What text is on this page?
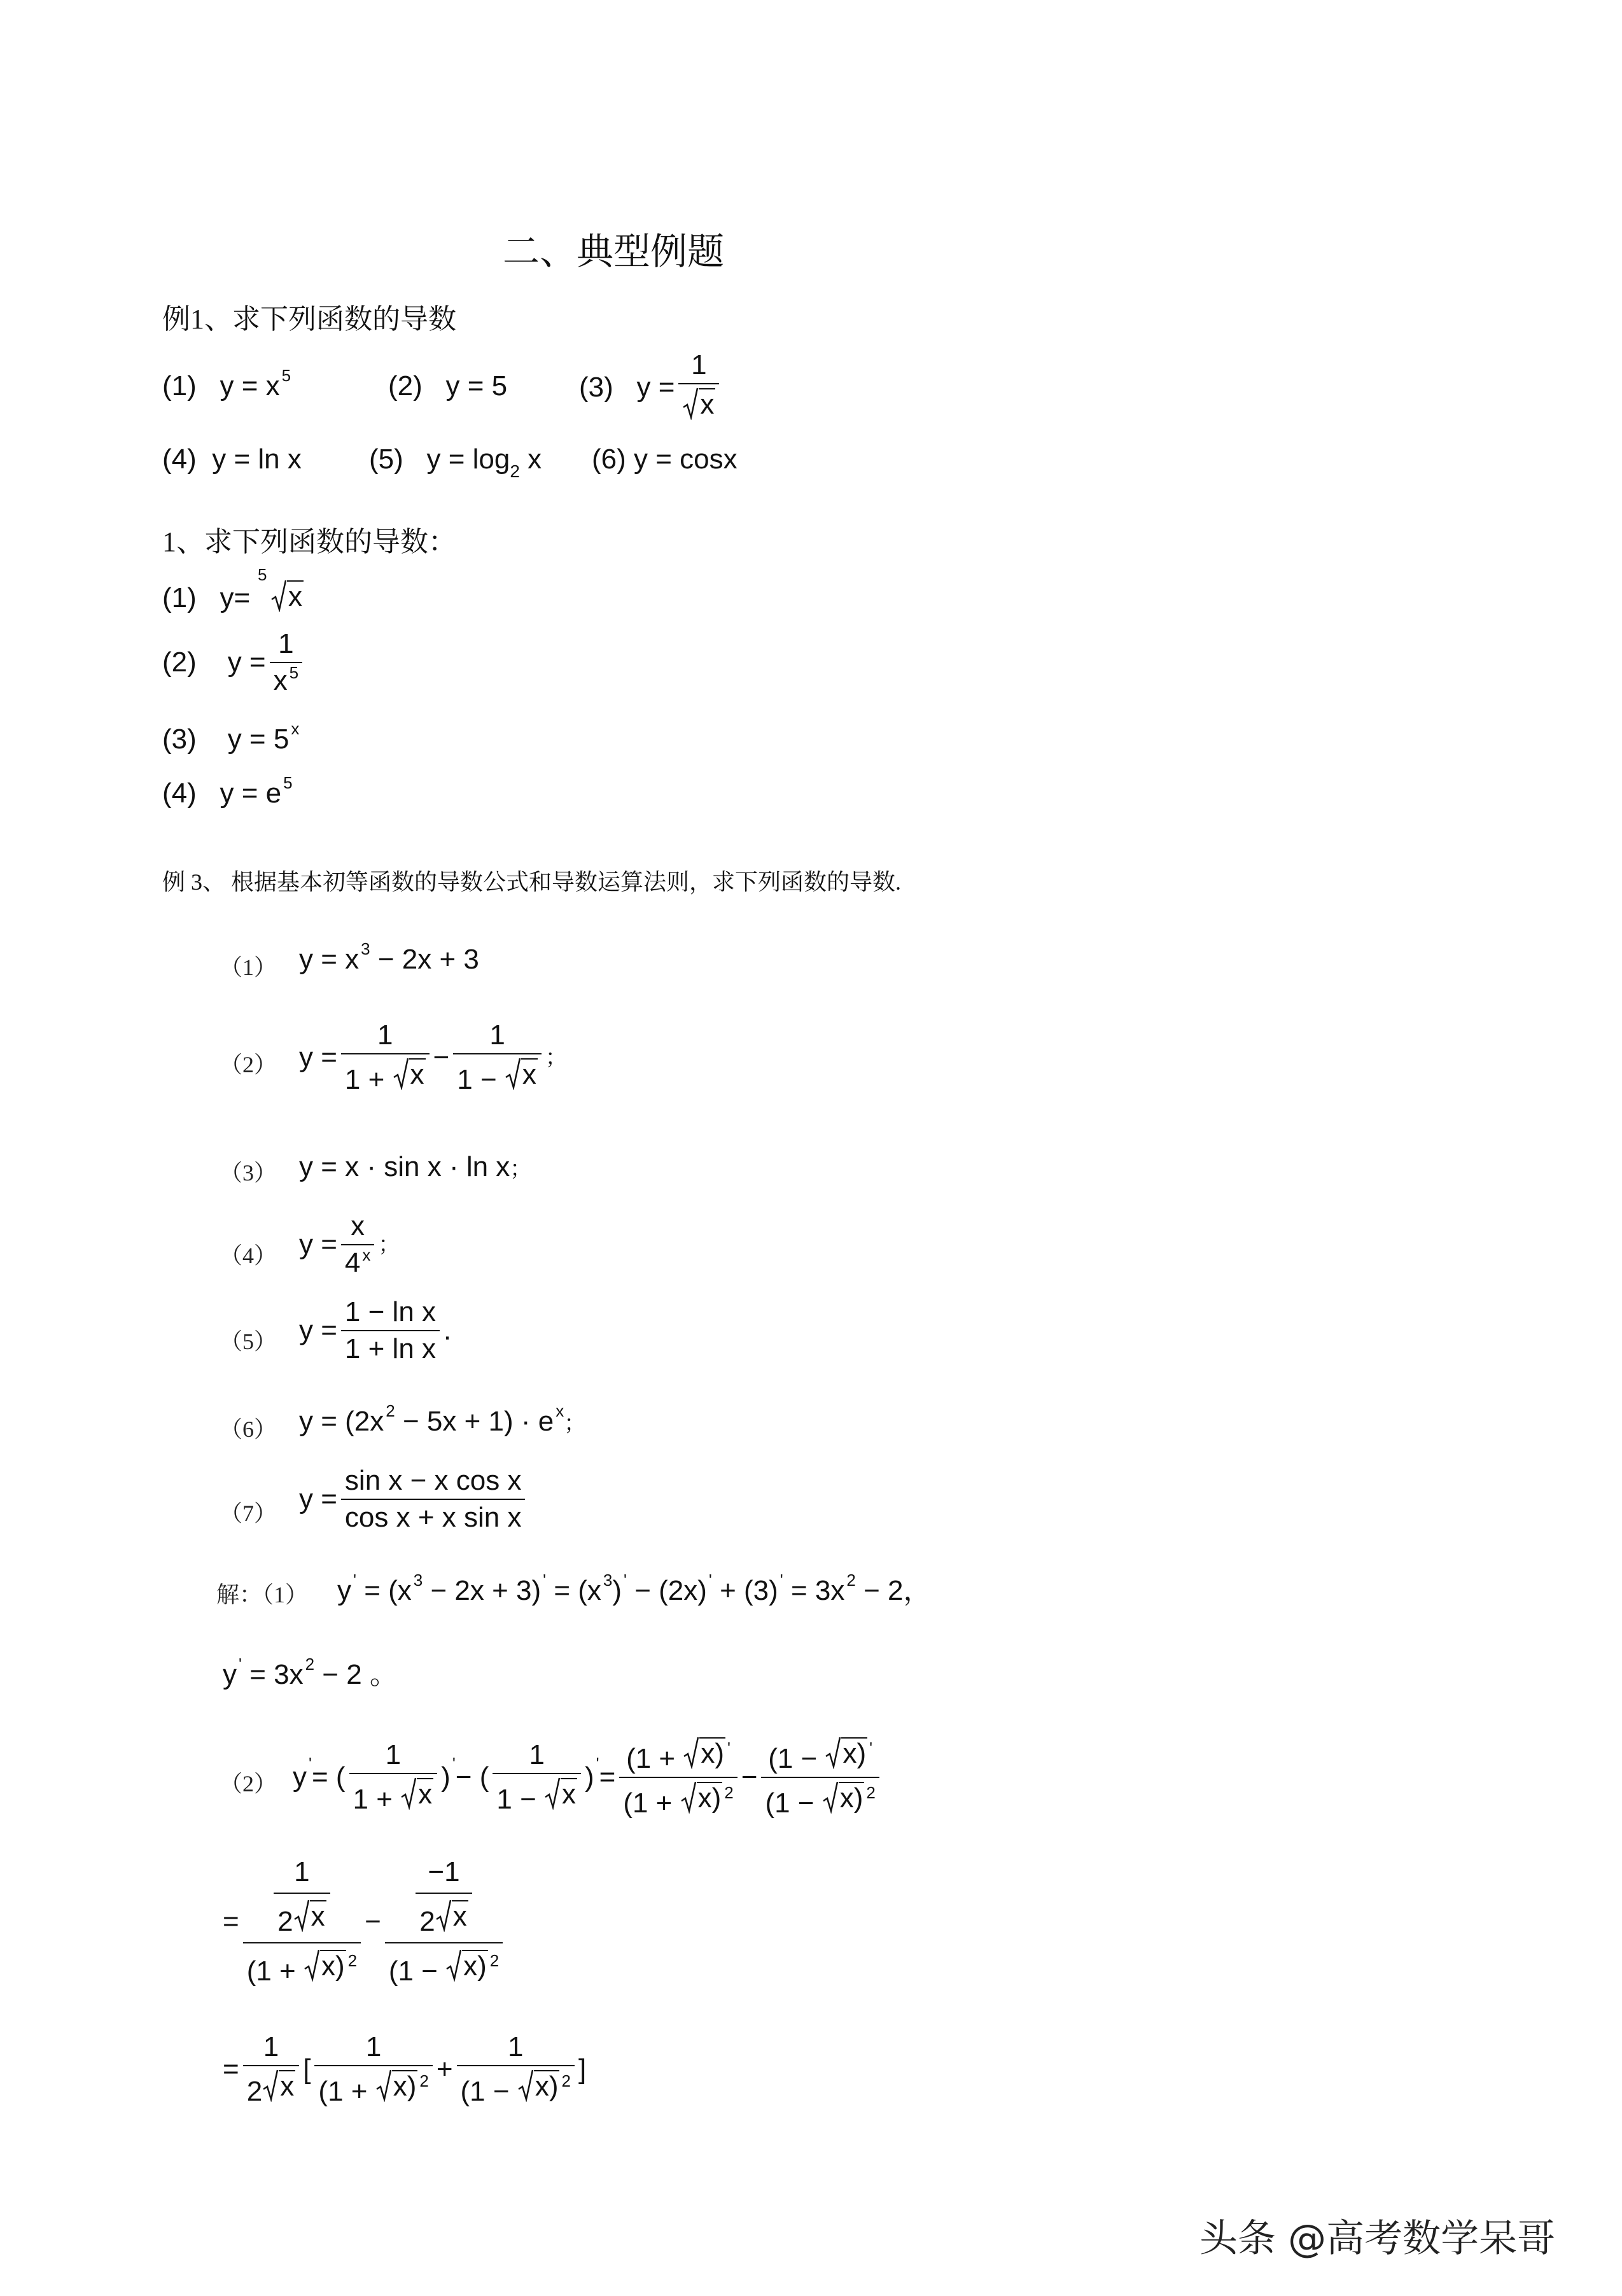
二、典型例题
例1、求下列函数的导数
(1) y = x $^5$	(2) y = 5	(3)
$y = \frac{1}{x}$
(4) y = ln x (5) $y = \log_2 x$ (6) y = cosx
1、求下列函数的导数：
(1) y=
5
x
(2)
$y = \frac{1}{x ^5}$
(3) y = 5 $^x$
(4) y = e $^5$
例 3、 根据基本初等函数的导数公式和导数运算法则，求下列函数的导数.
（1） y = x $^3$ − 2x + 3
（2） $y = \frac{1}{1 + x} - \frac{1}{1 - x}$ ；
（3） y = x · sin x · ln x；
（4） $y = \frac{x}{4 ^x}$ ；
（5） $y = \frac{\text{1 − ln x}}{\text{1 + ln x}}$ .
（6） y = (2x $^2$ − 5x + 1) · e $^x$；
（7） $y = \frac{\text{sin x − x cos x}}{\text{cos x + x sin x}}$
解：（1） y ' = (x $^3$ − 2x + 3) ' = (x $^3$) ' − (2x) ' + (3) ' = 3x $^2$ − 2，
y ' = 3x $^2$ − 2 。
（2） y ' = ( $\frac{1}{1 + x}$ ) ' − ( $\frac{1}{1 - x}$ ) ' = $\frac{(1 + x) '}{(1 + x) ^2} - \frac{(1 - x) '}{(1 - x) ^2}$
= $\frac{\frac{1}{2 x}}{(1 + x) ^2} - \frac{\frac{-1}{2 x}}{(1 - x) ^2}$
= $\frac{1}{2 x}$ [ $\frac{1}{(1 + x) ^2} + \frac{1}{(1 - x) ^2}$ ]
头条 @高考数学呆哥
